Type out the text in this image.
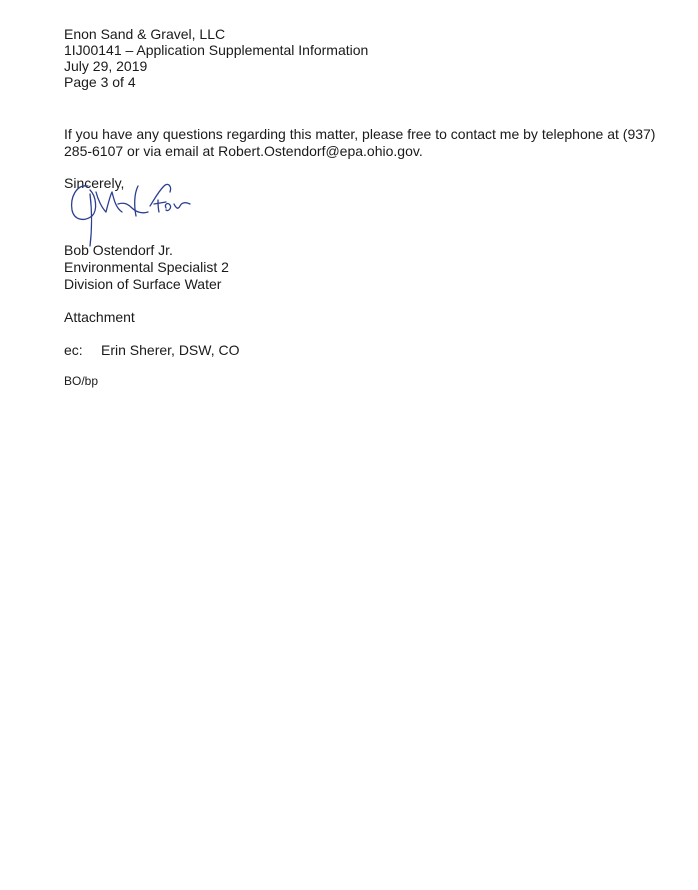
Enon Sand & Gravel, LLC
1IJ00141 – Application Supplemental Information
July 29, 2019
Page 3 of 4
If you have any questions regarding this matter, please free to contact me by telephone at (937) 285-6107 or via email at Robert.Ostendorf@epa.ohio.gov.
Sincerely,
Bob Ostendorf Jr.
Environmental Specialist 2
Division of Surface Water
Attachment
ec: Erin Sherer, DSW, CO
BO/bp
